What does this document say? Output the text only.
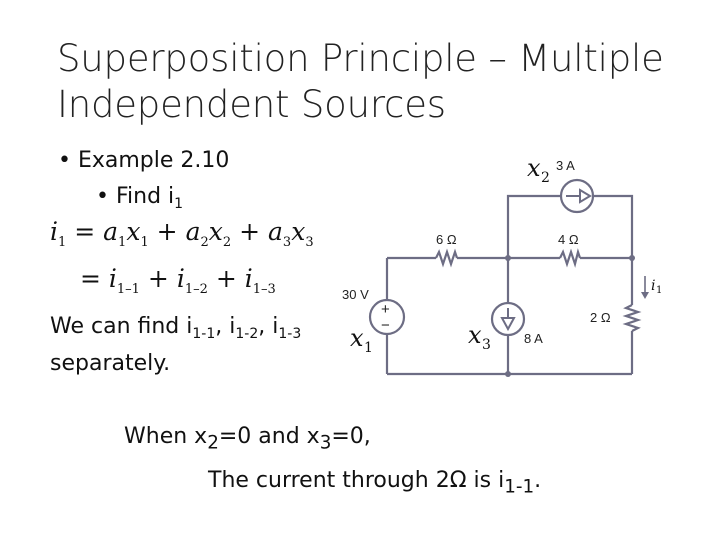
Superposition Principle – Multiple Independent Sources
• Example 2.10
• Find $i_1$
$i_1 = a_1x_1 + a_2x_2 + a_3x_3$
= $i_{1-1} + i_{1-2} + i_{1-3}$
We can find $i_{1-1}$, $i_{1-2}$, $i_{1-3}$
separately.
When $x_2=0$ and $x_3=0$,
The current through 2Ω is $i_{1-1}$.
+
−
3 A
8 A
30 V
6 Ω	4 Ω
2 Ω
x 2
x 3
x 1
i 1
